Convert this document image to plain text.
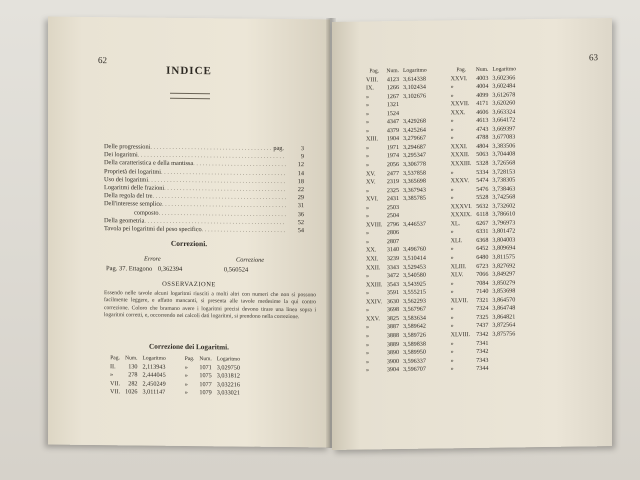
62
INDICE
Delle progressioni . . .	pag.	3
Dei logaritmi . . .	9
Della caratteristica e della mantissa . . .	12
Proprietà dei logaritmi . . .	14
Uso dei logaritmi . . .	18
Logaritmi delle frazioni . . .	22
Della regola del tre . . .	29
Dell'interesse semplice . . .	31
composto . . .	36
Della geometria . . .	52
Tavola pei logaritmi del peso specifico . . .	54
Correzioni.
Errore	Correzione
Pag. 37. Ettagono 0,362394	0,560524
OSSERVAZIONE
Essendo nelle tavole alcuni logaritmi riusciti a molti altri con numeri che non si possono facilmente leggere, e affatto mancanti, si presenta alle tavole medesime la qui contro correzione. Coloro che bramano avere i logaritmi precisi devono tirare una linea sopra i logaritmi corretti, e, occorrendo nei calcoli dati logaritmi, si prendono nella correzione.
Correzione dei Logaritmi.
Pag.	Num.	Logaritmo	Pag.	Num.	Logaritmo
II.	130	2,113943	»	1071	3,029750
»	278	2,444045	»	1075	3,031812
VII.	282	2,450249	»	1077	3,032216
VII.	1026	3,011147	»	1079	3,033021
63
Pag.	Num.	Logaritmo		Pag.	Num.	Logaritmo
VIII.	4123	3,614338		XXVI.	4003	3,602366
IX.	1266	3,102434		»	4004	3,602484
»	1267	3,102676		»	4099	3,612678
»	1321			XXVII.	4171	3,620260
»	1524			XXX.	4606	3,663324
»	4347	3,429268		»	4613	3,664172
»	4379	3,425264		»	4743	3,669397
XIII.	1904	3,279667		»	4788	3,677083
»	1971	3,294687		XXXI.	4804	3,383506
»	1974	3,295347		XXXII.	5063	3,704408
»	2056	3,306778		XXXIII.	5328	3,726568
XV.	2477	3,537858		»	5334	3,728153
XV.	2319	3,365698		XXXV.	5474	3,738305
»	2325	3,367943		»	5476	3,738463
XVI.	2431	3,385785		»	5528	3,742568
»	2503			XXXVI.	5632	3,732602
»	2504			XXXIX.	6118	3,786610
XVIII.	2796	3,446537		XL.	6267	3,796973
»	2806			»	6331	3,801472
»	2807			XLI.	6368	3,804003
XX.	3140	3,496760		»	6452	3,809694
XXI.	3239	3,510414		»	6480	3,811575
XXII.	3343	3,529453		XLIII.	6723	3,827692
»	3472	3,540580		XLV.	7066	3,849297
XXIII.	3543	3,543925		»	7084	3,850279
»	3591	3,555215		»	7140	3,853698
XXIV.	3630	3,562293		XLVII.	7321	3,864570
»	3698	3,567967		»	7324	3,864748
XXV.	3825	3,583634		»	7325	3,864821
»	3887	3,589642		»	7437	3,872564
»	3888	3,589726		XLVIII.	7342	3,875756
»	3889	3,589838		»	7341	
»	3890	3,589950		»	7342	
»	3900	3,596337		»	7343	
»	3904	3,596707		»	7344	
